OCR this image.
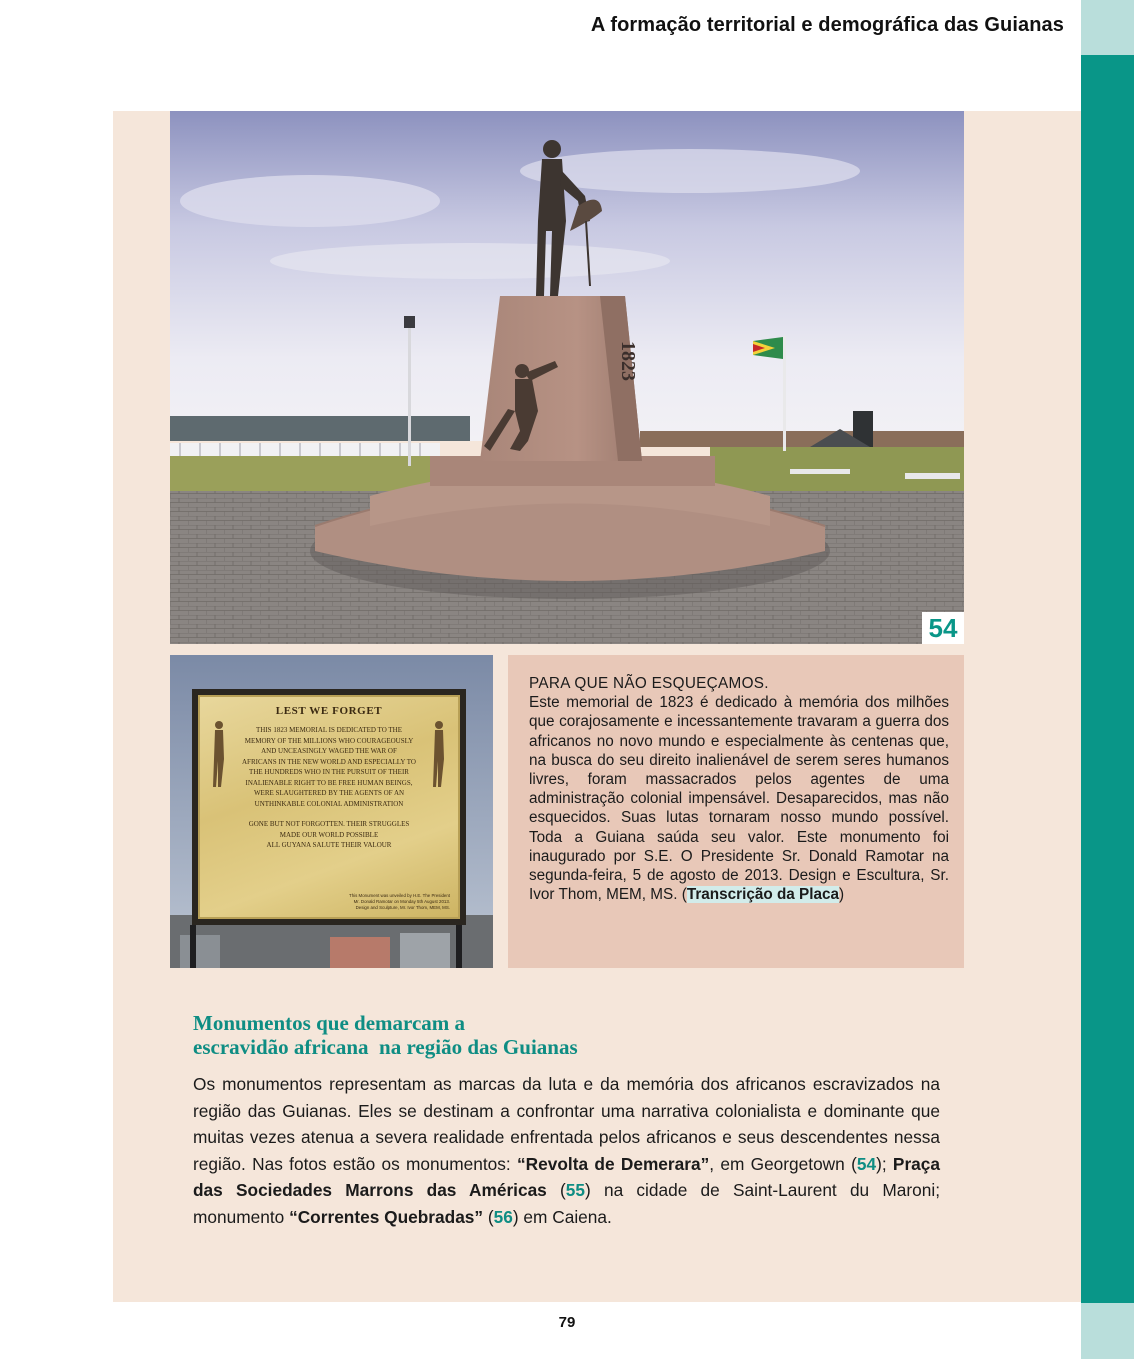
A formação territorial e demográfica das Guianas
1823
54
LEST WE FORGET
THIS 1823 MEMORIAL IS DEDICATED TO THE
MEMORY OF THE MILLIONS WHO COURAGEOUSLY
AND UNCEASINGLY WAGED THE WAR OF
AFRICANS IN THE NEW WORLD AND ESPECIALLY TO
THE HUNDREDS WHO IN THE PURSUIT OF THEIR
INALIENABLE RIGHT TO BE FREE HUMAN BEINGS,
WERE SLAUGHTERED BY THE AGENTS OF AN
UNTHINKABLE COLONIAL ADMINISTRATION
GONE BUT NOT FORGOTTEN. THEIR STRUGGLES
MADE OUR WORLD POSSIBLE
ALL GUYANA SALUTE THEIR VALOUR
This Monument was unveiled by H.E. The President
Mr. Donald Ramotar on Monday 5th August 2013.
Design and Sculpture, Mr. Ivor Thom, MEM, MS.
PARA QUE NÃO ESQUEÇAMOS.
Este memorial de 1823 é dedicado à memória dos milhões que corajosamente e incessantemente travaram a guerra dos africanos no novo mundo e especialmente às centenas que, na busca do seu direito inalienável de serem seres humanos livres, foram massacrados pelos agentes de uma administração colonial impensável. Desaparecidos, mas não esquecidos. Suas lutas tornaram nosso mundo possível. Toda a Guiana saúda seu valor. Este monumento foi inaugurado por S.E. O Presidente Sr. Donald Ramotar na segunda-feira, 5 de agosto de 2013. Design e Escultura, Sr. Ivor Thom, MEM, MS. (Transcrição da Placa)
Monumentos que demarcam a
escravidão africana  na região das Guianas
Os monumentos representam as marcas da luta e da memória dos africanos escravizados na região das Guianas. Eles se destinam a confrontar uma narrativa colonialista e dominante que muitas vezes atenua a severa realidade enfrentada pelos africanos e seus descendentes nessa região. Nas fotos estão os monumentos: “Revolta de Demerara”, em Georgetown (54); Praça das Sociedades Marrons das Américas (55) na cidade de Saint-Laurent du Maroni; monumento “Correntes Quebradas” (56) em Caiena.
79
